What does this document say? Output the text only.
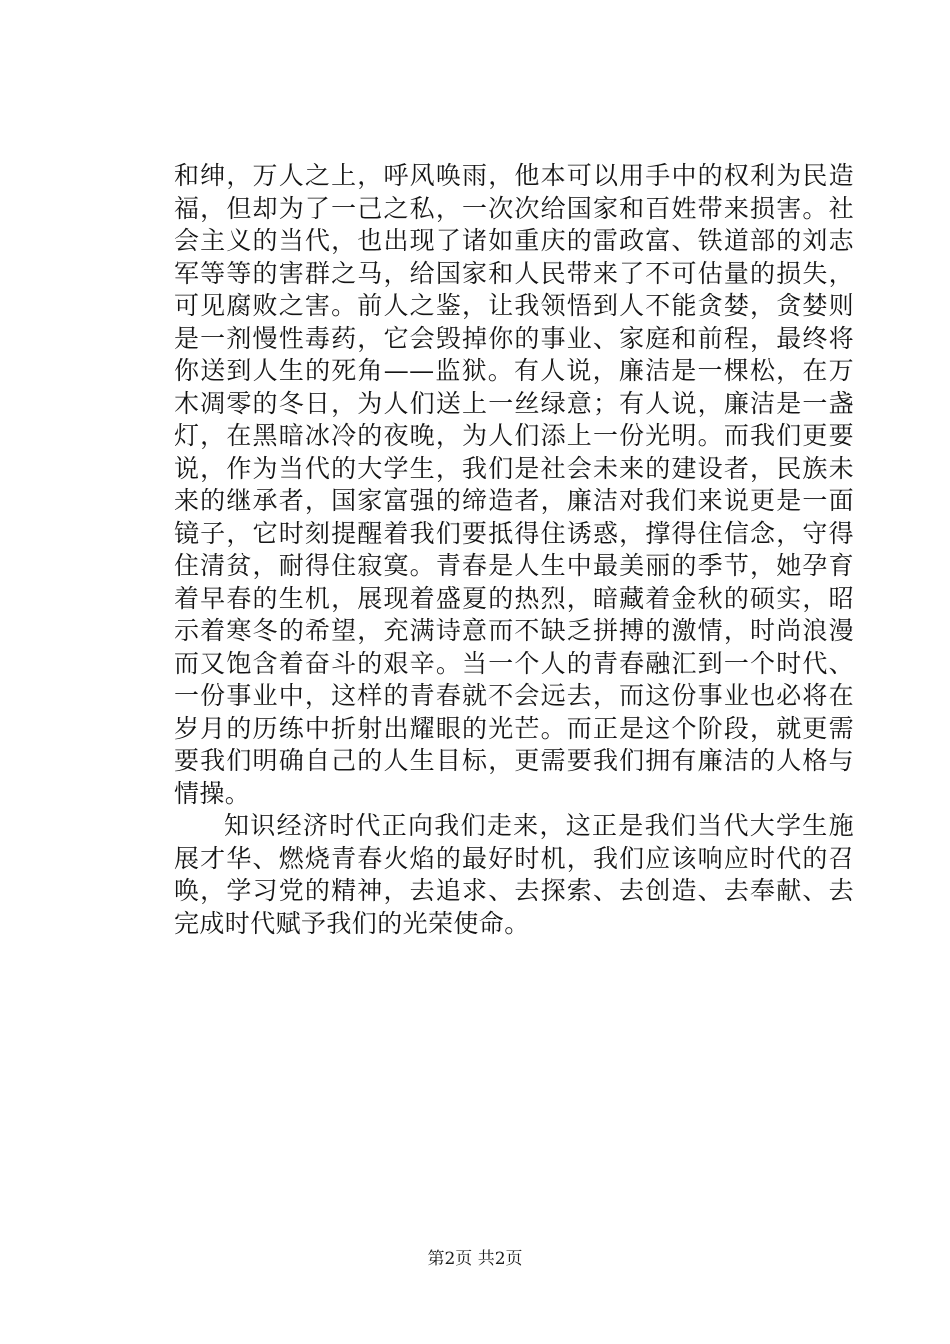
和绅，万人之上，呼风唤雨，他本可以用手中的权利为民造福，但却为了一己之私，一次次给国家和百姓带来损害。社会主义的当代，也出现了诸如重庆的雷政富、铁道部的刘志军等等的害群之马，给国家和人民带来了不可估量的损失，可见腐败之害。前人之鉴，让我领悟到人不能贪婪，贪婪则是一剂慢性毒药，它会毁掉你的事业、家庭和前程，最终将你送到人生的死角——监狱。有人说，廉洁是一棵松，在万木凋零的冬日，为人们送上一丝绿意；有人说，廉洁是一盏灯，在黑暗冰冷的夜晚，为人们添上一份光明。而我们更要说，作为当代的大学生，我们是社会未来的建设者，民族未来的继承者，国家富强的缔造者，廉洁对我们来说更是一面镜子，它时刻提醒着我们要抵得住诱惑，撑得住信念，守得住清贫，耐得住寂寞。青春是人生中最美丽的季节，她孕育着早春的生机，展现着盛夏的热烈，暗藏着金秋的硕实，昭示着寒冬的希望，充满诗意而不缺乏拼搏的激情，时尚浪漫而又饱含着奋斗的艰辛。当一个人的青春融汇到一个时代、一份事业中，这样的青春就不会远去，而这份事业也必将在岁月的历练中折射出耀眼的光芒。而正是这个阶段，就更需要我们明确自己的人生目标，更需要我们拥有廉洁的人格与情操。

知识经济时代正向我们走来，这正是我们当代大学生施展才华、燃烧青春火焰的最好时机，我们应该响应时代的召唤，学习党的精神，去追求、去探索、去创造、去奉献、去完成时代赋予我们的光荣使命。

第2页 共2页
